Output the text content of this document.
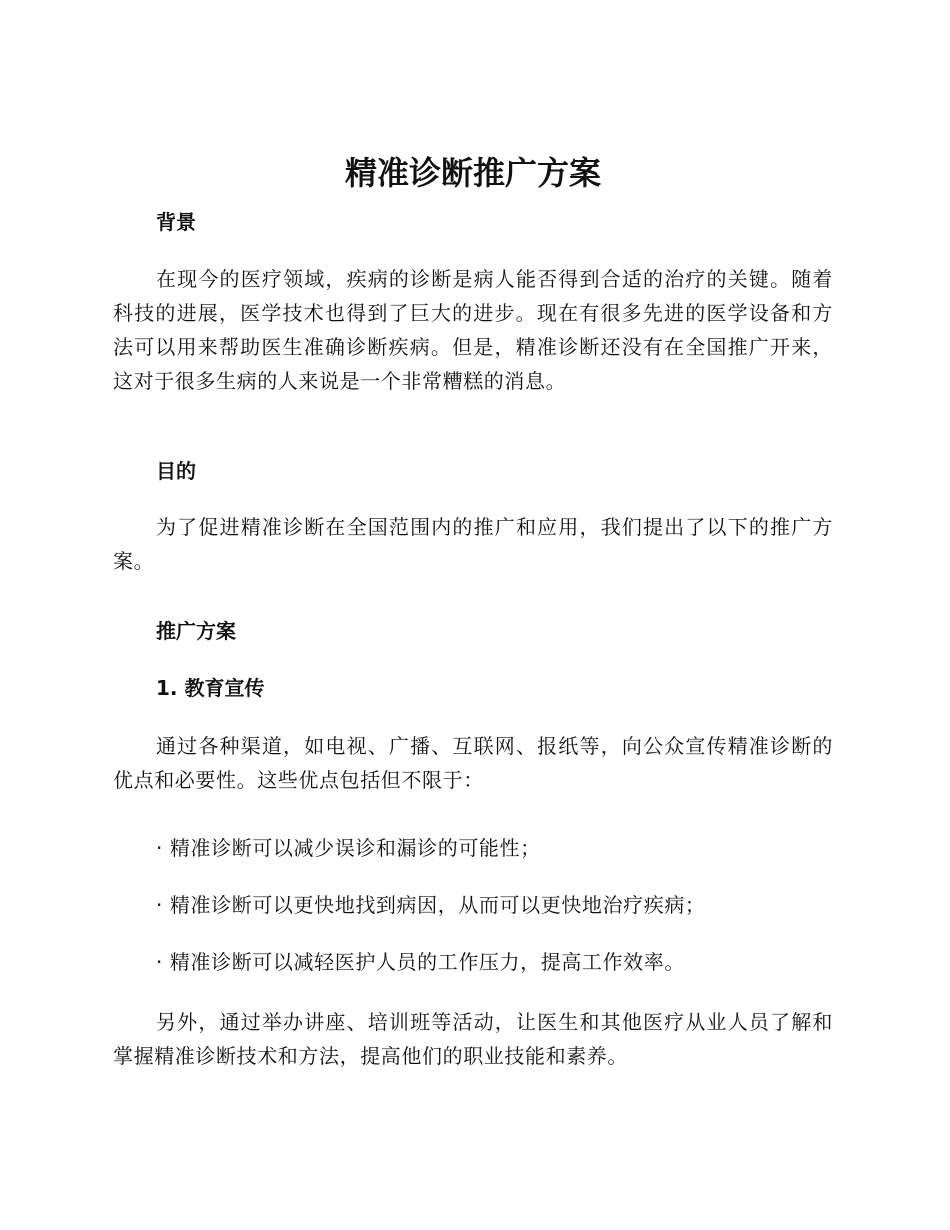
精准诊断推广方案
背景

在现今的医疗领域，疾病的诊断是病人能否得到合适的治疗的关键。随着科技的进展，医学技术也得到了巨大的进步。现在有很多先进的医学设备和方法可以用来帮助医生准确诊断疾病。但是，精准诊断还没有在全国推广开来，这对于很多生病的人来说是一个非常糟糕的消息。

目的

为了促进精准诊断在全国范围内的推广和应用，我们提出了以下的推广方案。

推广方案
1. 教育宣传

通过各种渠道，如电视、广播、互联网、报纸等，向公众宣传精准诊断的优点和必要性。这些优点包括但不限于：

· 精准诊断可以减少误诊和漏诊的可能性；

· 精准诊断可以更快地找到病因，从而可以更快地治疗疾病；

· 精准诊断可以减轻医护人员的工作压力，提高工作效率。

另外，通过举办讲座、培训班等活动，让医生和其他医疗从业人员了解和掌握精准诊断技术和方法，提高他们的职业技能和素养。
